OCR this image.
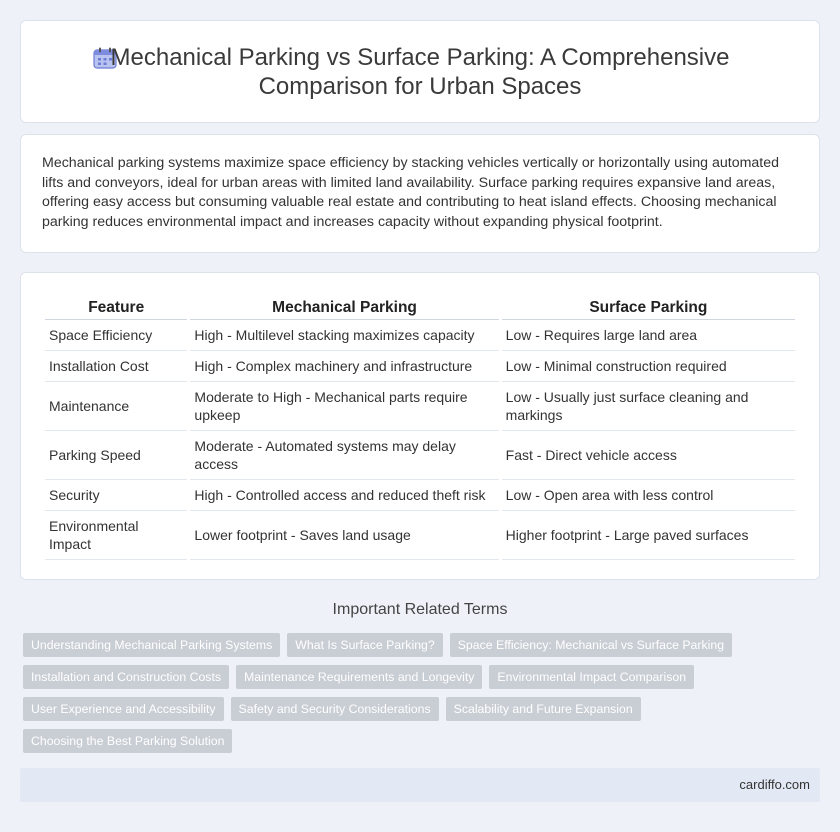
Mechanical Parking vs Surface Parking: A Comprehensive Comparison for Urban Spaces

Mechanical parking systems maximize space efficiency by stacking vehicles vertically or horizontally using automated lifts and conveyors, ideal for urban areas with limited land availability. Surface parking requires expansive land areas, offering easy access but consuming valuable real estate and contributing to heat island effects. Choosing mechanical parking reduces environmental impact and increases capacity without expanding physical footprint.

Feature	Mechanical Parking	Surface Parking
Space Efficiency	High - Multilevel stacking maximizes capacity	Low - Requires large land area
Installation Cost	High - Complex machinery and infrastructure	Low - Minimal construction required
Maintenance	Moderate to High - Mechanical parts require upkeep	Low - Usually just surface cleaning and markings
Parking Speed	Moderate - Automated systems may delay access	Fast - Direct vehicle access
Security	High - Controlled access and reduced theft risk	Low - Open area with less control
Environmental Impact	Lower footprint - Saves land usage	Higher footprint - Large paved surfaces
Important Related Terms
Understanding Mechanical Parking Systems	What Is Surface Parking?	Space Efficiency: Mechanical vs Surface Parking
Installation and Construction Costs	Maintenance Requirements and Longevity	Environmental Impact Comparison
User Experience and Accessibility	Safety and Security Considerations	Scalability and Future Expansion
Choosing the Best Parking Solution
cardiffo.com
